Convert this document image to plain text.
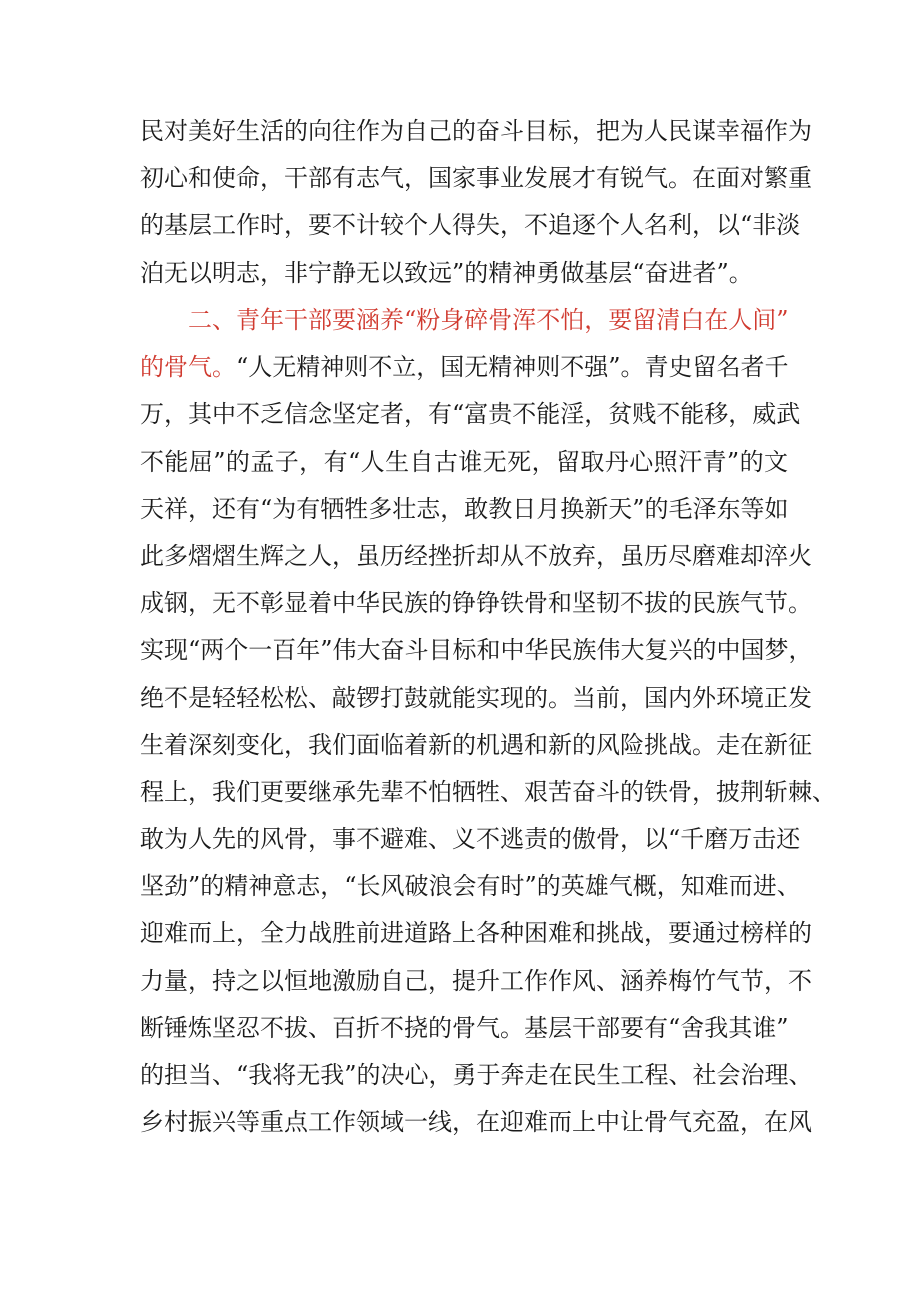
民对美好生活的向往作为自己的奋斗目标，把为人民谋幸福作为
初心和使命，干部有志气，国家事业发展才有锐气。在面对繁重
的基层工作时，要不计较个人得失，不追逐个人名利，以“非淡
泊无以明志，非宁静无以致远”的精神勇做基层“奋进者”。
二、青年干部要涵养“粉身碎骨浑不怕，要留清白在人间”
的骨气。“人无精神则不立，国无精神则不强”。青史留名者千
万，其中不乏信念坚定者，有“富贵不能淫，贫贱不能移，威武
不能屈”的孟子，有“人生自古谁无死，留取丹心照汗青”的文
天祥，还有“为有牺牲多壮志，敢教日月换新天”的毛泽东等如
此多熠熠生辉之人，虽历经挫折却从不放弃，虽历尽磨难却淬火
成钢，无不彰显着中华民族的铮铮铁骨和坚韧不拔的民族气节。
实现“两个一百年”伟大奋斗目标和中华民族伟大复兴的中国梦，
绝不是轻轻松松、敲锣打鼓就能实现的。当前，国内外环境正发
生着深刻变化，我们面临着新的机遇和新的风险挑战。走在新征
程上，我们更要继承先辈不怕牺牲、艰苦奋斗的铁骨，披荆斩棘、
敢为人先的风骨，事不避难、义不逃责的傲骨，以“千磨万击还
坚劲”的精神意志，“长风破浪会有时”的英雄气概，知难而进、
迎难而上，全力战胜前进道路上各种困难和挑战，要通过榜样的
力量，持之以恒地激励自己，提升工作作风、涵养梅竹气节，不
断锤炼坚忍不拔、百折不挠的骨气。基层干部要有“舍我其谁”
的担当、“我将无我”的决心，勇于奔走在民生工程、社会治理、
乡村振兴等重点工作领域一线，在迎难而上中让骨气充盈，在风
